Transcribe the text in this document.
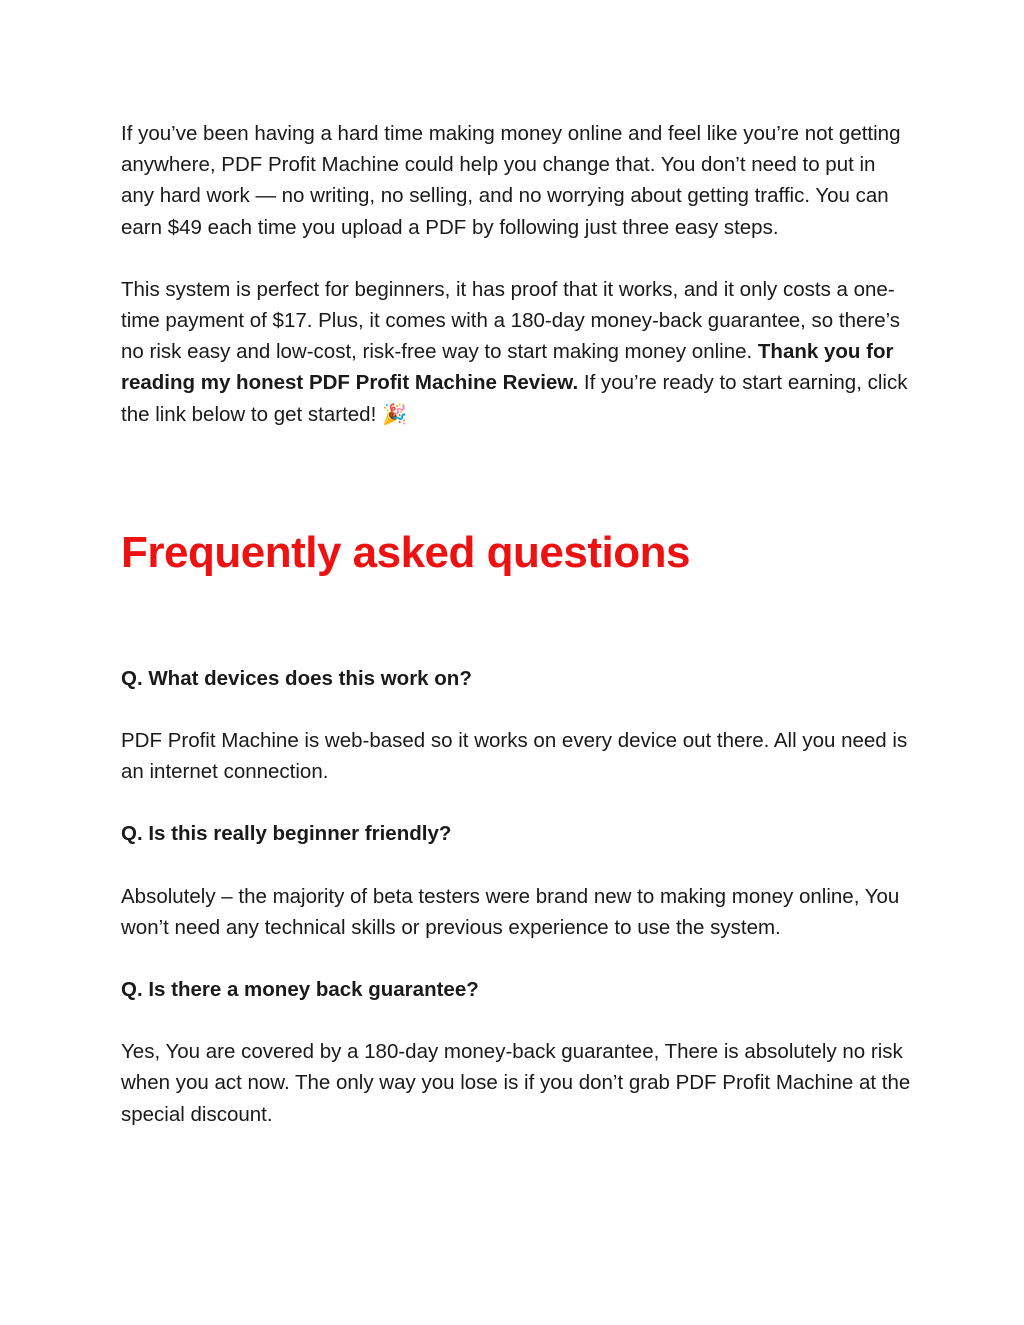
If you’ve been having a hard time making money online and feel like you’re not getting anywhere, PDF Profit Machine could help you change that. You don’t need to put in any hard work — no writing, no selling, and no worrying about getting traffic. You can earn $49 each time you upload a PDF by following just three easy steps.

This system is perfect for beginners, it has proof that it works, and it only costs a one-time payment of $17. Plus, it comes with a 180-day money-back guarantee, so there’s no risk easy and low-cost, risk-free way to start making money online. Thank you for reading my honest PDF Profit Machine Review. If you’re ready to start earning, click the link below to get started! 🎉

Frequently asked questions

Q. What devices does this work on?

PDF Profit Machine is web-based so it works on every device out there. All you need is an internet connection.

Q. Is this really beginner friendly?

Absolutely – the majority of beta testers were brand new to making money online, You won’t need any technical skills or previous experience to use the system.

Q. Is there a money back guarantee?

Yes, You are covered by a 180-day money-back guarantee, There is absolutely no risk when you act now. The only way you lose is if you don’t grab PDF Profit Machine at the special discount.
